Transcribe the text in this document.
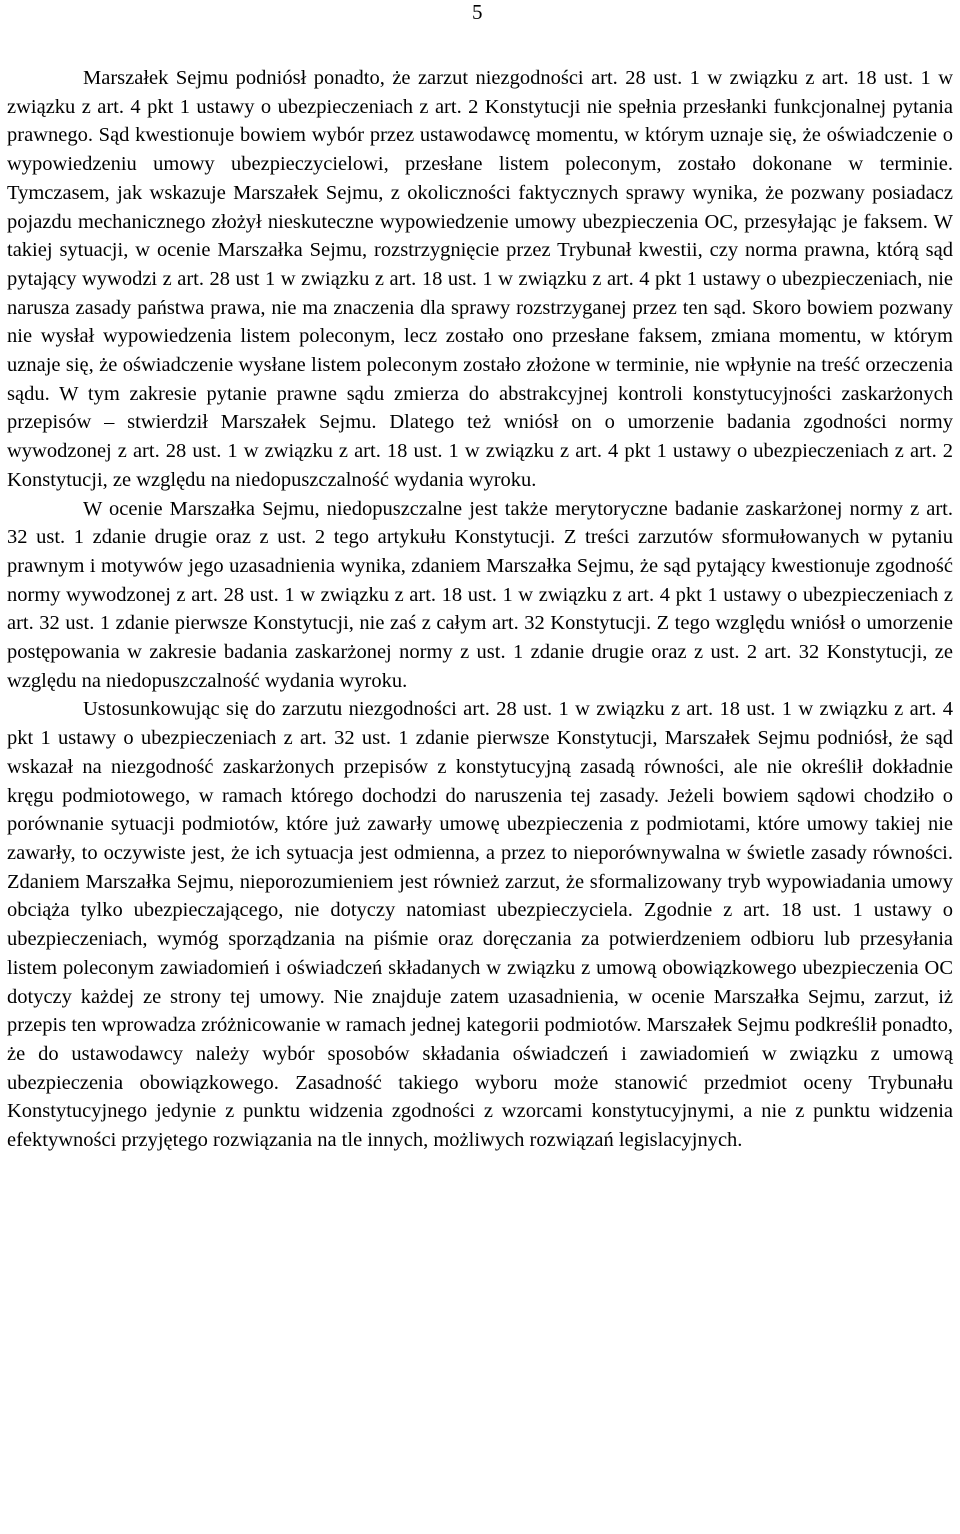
5

Marszałek Sejmu podniósł ponadto, że zarzut niezgodności art. 28 ust. 1 w związku z art. 18 ust. 1 w związku z art. 4 pkt 1 ustawy o ubezpieczeniach z art. 2 Konstytucji nie spełnia przesłanki funkcjonalnej pytania prawnego. Sąd kwestionuje bowiem wybór przez ustawodawcę momentu, w którym uznaje się, że oświadczenie o wypowiedzeniu umowy ubezpieczycielowi, przesłane listem poleconym, zostało dokonane w terminie. Tymczasem, jak wskazuje Marszałek Sejmu, z okoliczności faktycznych sprawy wynika, że pozwany posiadacz pojazdu mechanicznego złożył nieskuteczne wypowiedzenie umowy ubezpieczenia OC, przesyłając je faksem. W takiej sytuacji, w ocenie Marszałka Sejmu, rozstrzygnięcie przez Trybunał kwestii, czy norma prawna, którą sąd pytający wywodzi z art. 28 ust 1 w związku z art. 18 ust. 1 w związku z art. 4 pkt 1 ustawy o ubezpieczeniach, nie narusza zasady państwa prawa, nie ma znaczenia dla sprawy rozstrzyganej przez ten sąd. Skoro bowiem pozwany nie wysłał wypowiedzenia listem poleconym, lecz zostało ono przesłane faksem, zmiana momentu, w którym uznaje się, że oświadczenie wysłane listem poleconym zostało złożone w terminie, nie wpłynie na treść orzeczenia sądu. W tym zakresie pytanie prawne sądu zmierza do abstrakcyjnej kontroli konstytucyjności zaskarżonych przepisów – stwierdził Marszałek Sejmu. Dlatego też wniósł on o umorzenie badania zgodności normy wywodzonej z art. 28 ust. 1 w związku z art. 18 ust. 1 w związku z art. 4 pkt 1 ustawy o ubezpieczeniach z art. 2 Konstytucji, ze względu na niedopuszczalność wydania wyroku.

W ocenie Marszałka Sejmu, niedopuszczalne jest także merytoryczne badanie zaskarżonej normy z art. 32 ust. 1 zdanie drugie oraz z ust. 2 tego artykułu Konstytucji. Z treści zarzutów sformułowanych w pytaniu prawnym i motywów jego uzasadnienia wynika, zdaniem Marszałka Sejmu, że sąd pytający kwestionuje zgodność normy wywodzonej z art. 28 ust. 1 w związku z art. 18 ust. 1 w związku z art. 4 pkt 1 ustawy o ubezpieczeniach z art. 32 ust. 1 zdanie pierwsze Konstytucji, nie zaś z całym art. 32 Konstytucji. Z tego względu wniósł o umorzenie postępowania w zakresie badania zaskarżonej normy z ust. 1 zdanie drugie oraz z ust. 2 art. 32 Konstytucji, ze względu na niedopuszczalność wydania wyroku.

Ustosunkowując się do zarzutu niezgodności art. 28 ust. 1 w związku z art. 18 ust. 1 w związku z art. 4 pkt 1 ustawy o ubezpieczeniach z art. 32 ust. 1 zdanie pierwsze Konstytucji, Marszałek Sejmu podniósł, że sąd wskazał na niezgodność zaskarżonych przepisów z konstytucyjną zasadą równości, ale nie określił dokładnie kręgu podmiotowego, w ramach którego dochodzi do naruszenia tej zasady. Jeżeli bowiem sądowi chodziło o porównanie sytuacji podmiotów, które już zawarły umowę ubezpieczenia z podmiotami, które umowy takiej nie zawarły, to oczywiste jest, że ich sytuacja jest odmienna, a przez to nieporównywalna w świetle zasady równości. Zdaniem Marszałka Sejmu, nieporozumieniem jest również zarzut, że sformalizowany tryb wypowiadania umowy obciąża tylko ubezpieczającego, nie dotyczy natomiast ubezpieczyciela. Zgodnie z art. 18 ust. 1 ustawy o ubezpieczeniach, wymóg sporządzania na piśmie oraz doręczania za potwierdzeniem odbioru lub przesyłania listem poleconym zawiadomień i oświadczeń składanych w związku z umową obowiązkowego ubezpieczenia OC dotyczy każdej ze strony tej umowy. Nie znajduje zatem uzasadnienia, w ocenie Marszałka Sejmu, zarzut, iż przepis ten wprowadza zróżnicowanie w ramach jednej kategorii podmiotów. Marszałek Sejmu podkreślił ponadto, że do ustawodawcy należy wybór sposobów składania oświadczeń i zawiadomień w związku z umową ubezpieczenia obowiązkowego. Zasadność takiego wyboru może stanowić przedmiot oceny Trybunału Konstytucyjnego jedynie z punktu widzenia zgodności z wzorcami konstytucyjnymi, a nie z punktu widzenia efektywności przyjętego rozwiązania na tle innych, możliwych rozwiązań legislacyjnych.
